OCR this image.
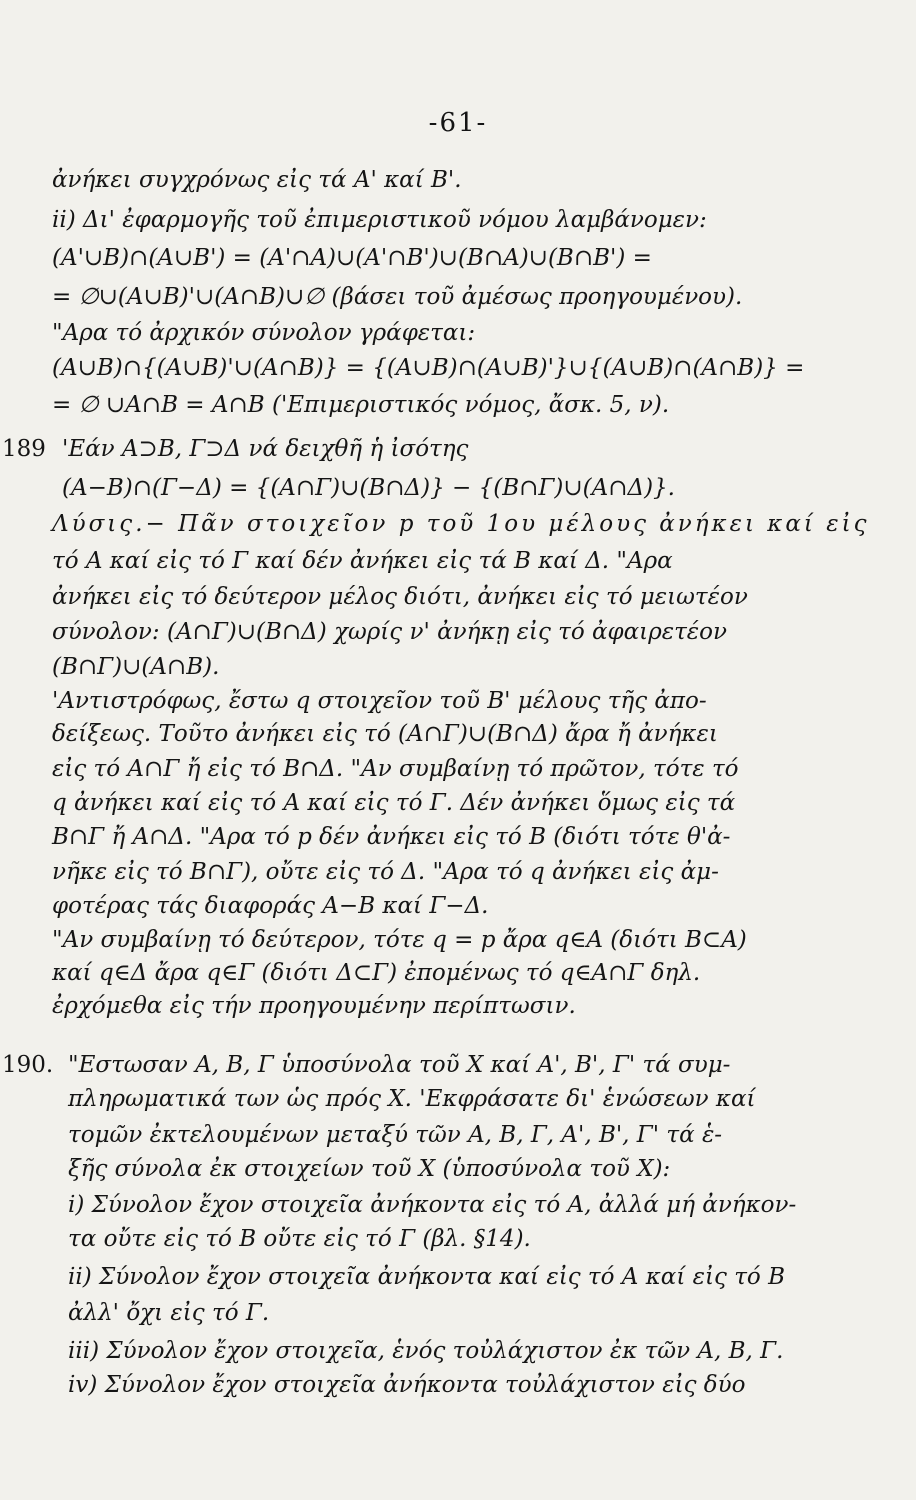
-61-
ἀνήκει συγχρόνως εἰς τά Α' καί Β'.
ii) Δι' ἐφαρμογῆς τοῦ ἐπιμεριστικοῦ νόμου λαμβάνομεν:
(Α'∪Β)∩(Α∪Β') = (Α'∩Α)∪(Α'∩Β')∪(Β∩Α)∪(Β∩Β') =
= ∅∪(Α∪Β)'∪(Α∩Β)∪∅ (βάσει τοῦ ἀμέσως προηγουμένου).
"Αρα τό ἀρχικόν σύνολον γράφεται:
(Α∪Β)∩{(Α∪Β)'∪(Α∩Β)} = {(Α∪Β)∩(Α∪Β)'}∪{(Α∪Β)∩(Α∩Β)} =
= ∅ ∪Α∩Β = Α∩Β ('Επιμεριστικός νόμος, ἄσκ. 5, ν).
189 'Εάν Α⊃Β, Γ⊃Δ νά δειχθῆ ἡ ἰσότης
(Α−Β)∩(Γ−Δ) = {(Α∩Γ)∪(Β∩Δ)} − {(Β∩Γ)∪(Α∩Δ)}.
Λύσις.− Πᾶν στοιχεῖον p τοῦ 1ου μέλους ἀνήκει καί εἰς
τό Α καί εἰς τό Γ καί δέν ἀνήκει εἰς τά Β καί Δ. "Αρα
ἀνήκει εἰς τό δεύτερον μέλος διότι, ἀνήκει εἰς τό μειωτέον
σύνολον: (Α∩Γ)∪(Β∩Δ) χωρίς ν' ἀνήκῃ εἰς τό ἀφαιρετέον
(Β∩Γ)∪(Α∩Β).
'Αντιστρόφως, ἔστω q στοιχεῖον τοῦ Β' μέλους τῆς ἀπο-
δείξεως. Τοῦτο ἀνήκει εἰς τό (Α∩Γ)∪(Β∩Δ) ἄρα ἤ ἀνήκει
εἰς τό Α∩Γ ἤ εἰς τό Β∩Δ. "Αν συμβαίνῃ τό πρῶτον, τότε τό
q ἀνήκει καί εἰς τό Α καί εἰς τό Γ. Δέν ἀνήκει ὅμως εἰς τά
Β∩Γ ἤ Α∩Δ. "Αρα τό p δέν ἀνήκει εἰς τό Β (διότι τότε θ'ἀ-
νῆκε εἰς τό Β∩Γ), οὔτε εἰς τό Δ. "Αρα τό q ἀνήκει εἰς ἀμ-
φοτέρας τάς διαφοράς Α−Β καί Γ−Δ.
"Αν συμβαίνῃ τό δεύτερον, τότε q = p ἄρα q∈Α (διότι Β⊂Α)
καί q∈Δ ἄρα q∈Γ (διότι Δ⊂Γ) ἐπομένως τό q∈Α∩Γ δηλ.
ἐρχόμεθα εἰς τήν προηγουμένην περίπτωσιν.
190. "Εστωσαν Α, Β, Γ ὑποσύνολα τοῦ Χ καί Α', Β', Γ' τά συμ-
πληρωματικά των ὡς πρός Χ. 'Εκφράσατε δι' ἑνώσεων καί
τομῶν ἐκτελουμένων μεταξύ τῶν Α, Β, Γ, Α', Β', Γ' τά ἑ-
ξῆς σύνολα ἐκ στοιχείων τοῦ Χ (ὑποσύνολα τοῦ Χ):
i) Σύνολον ἔχον στοιχεῖα ἀνήκοντα εἰς τό Α, ἀλλά μή ἀνήκον-
τα οὔτε εἰς τό Β οὔτε εἰς τό Γ (βλ. §14).
ii) Σύνολον ἔχον στοιχεῖα ἀνήκοντα καί εἰς τό Α καί εἰς τό Β
ἀλλ' ὄχι εἰς τό Γ.
iii) Σύνολον ἔχον στοιχεῖα, ἑνός τοὐλάχιστον ἐκ τῶν Α, Β, Γ.
iv) Σύνολον ἔχον στοιχεῖα ἀνήκοντα τοὐλάχιστον εἰς δύο
